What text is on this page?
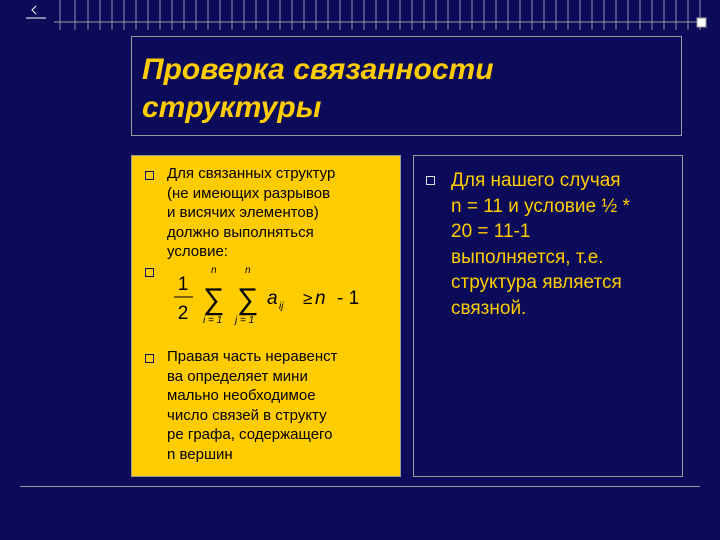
Проверка связанности
структуры

Для связанных структур
(не имеющих разрывов
и висячих элементов)
должно выполняться
условие:

1
2
n
∑
i = 1
n
∑
j = 1
a ij ≥ n - 1

Правая часть неравенст
ва определяет мини
мально необходимое
число связей в структу
ре графа, содержащего
n вершин

Для нашего случая
n = 11 и условие ½ *
20 = 11-1
выполняется, т.е.
структура является
связной.
